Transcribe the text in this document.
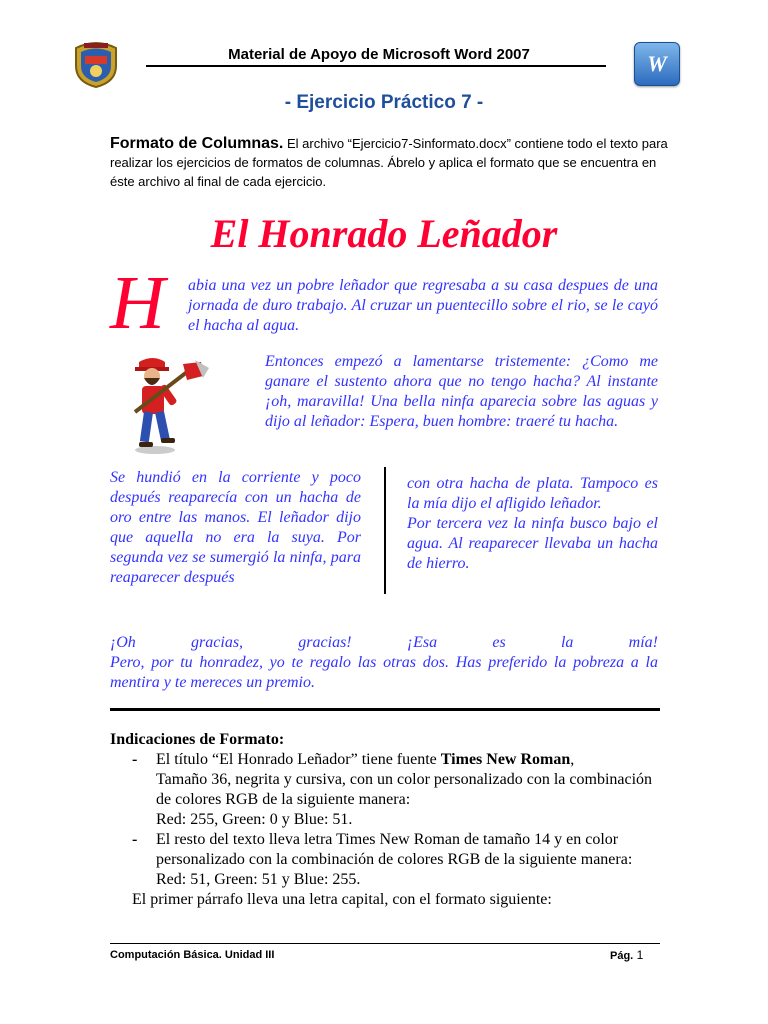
Material de Apoyo de Microsoft Word 2007	W
- Ejercicio Práctico 7 -
Formato de Columnas. El archivo “Ejercicio7-Sinformato.docx” contiene todo el texto para realizar los ejercicios de formatos de columnas. Ábrelo y aplica el formato que se encuentra en éste archivo al final de cada ejercicio.
El Honrado Leñador
H abia una vez un pobre leñador que regresaba a su casa despues de una jornada de duro trabajo. Al cruzar un puentecillo sobre el rio, se le cayó el hacha al agua.
Entonces empezó a lamentarse tristemente: ¿Como me ganare el sustento ahora que no tengo hacha? Al instante ¡oh, maravilla! Una bella ninfa aparecia sobre las aguas y dijo al leñador: Espera, buen hombre: traeré tu hacha.
Se hundió en la corriente y poco después reaparecía con un hacha de oro entre las manos. El leñador dijo que aquella no era la suya. Por segunda vez se sumergió la ninfa, para reaparecer después
con otra hacha de plata. Tampoco es la mía dijo el afligido leñador.
Por tercera vez la ninfa busco bajo el agua. Al reaparecer llevaba un hacha de hierro.
¡Oh gracias, gracias! ¡Esa es la mía!
Pero, por tu honradez, yo te regalo las otras dos. Has preferido la pobreza a la mentira y te mereces un premio.
Indicaciones de Formato:
- El título “El Honrado Leñador” tiene fuente Times New Roman,
Tamaño 36, negrita y cursiva, con un color personalizado con la combinación de colores RGB de la siguiente manera:
Red: 255, Green: 0 y Blue: 51.
- El resto del texto lleva letra Times New Roman de tamaño 14 y en color personalizado con la combinación de colores RGB de la siguiente manera:
Red: 51, Green: 51 y Blue: 255.
El primer párrafo lleva una letra capital, con el formato siguiente:
Computación Básica. Unidad III	Pág. 1
